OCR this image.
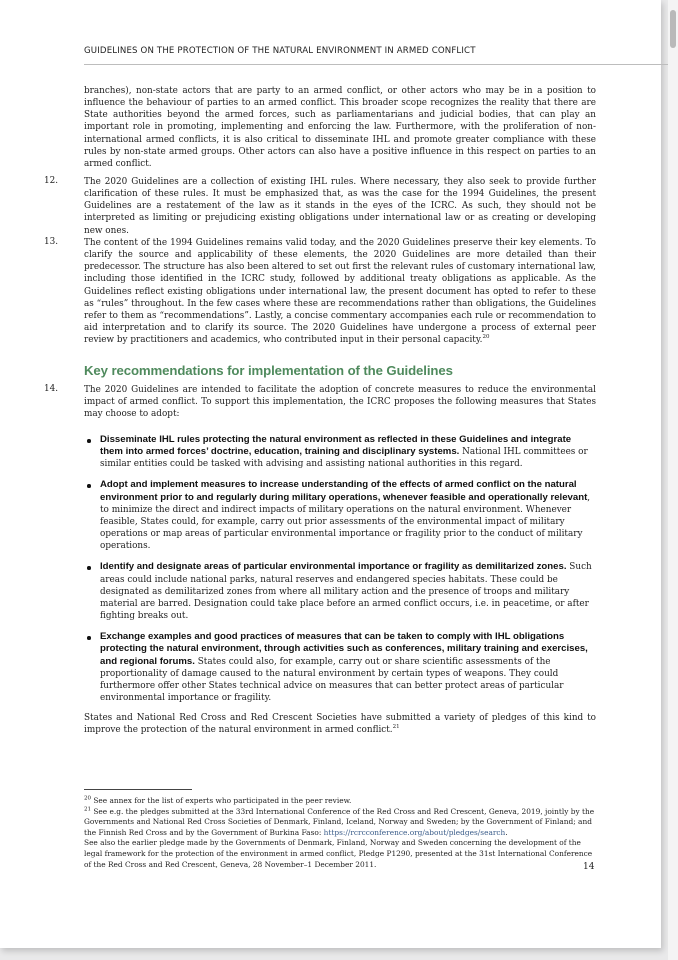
GUIDELINES ON THE PROTECTION OF THE NATURAL ENVIRONMENT IN ARMED CONFLICT
branches), non-state actors that are party to an armed conflict, or other actors who may be in a position to influence the behaviour of parties to an armed conflict. This broader scope recognizes the reality that there are State authorities beyond the armed forces, such as parliamentarians and judicial bodies, that can play an important role in promoting, implementing and enforcing the law. Furthermore, with the proliferation of non-international armed conflicts, it is also critical to disseminate IHL and promote greater compliance with these rules by non-state armed groups. Other actors can also have a positive influence in this respect on parties to an armed conflict.
12.	The 2020 Guidelines are a collection of existing IHL rules. Where necessary, they also seek to provide further clarification of these rules. It must be emphasized that, as was the case for the 1994 Guidelines, the present Guidelines are a restatement of the law as it stands in the eyes of the ICRC. As such, they should not be interpreted as limiting or prejudicing existing obligations under international law or as creating or developing new ones.
13.	The content of the 1994 Guidelines remains valid today, and the 2020 Guidelines preserve their key elements. To clarify the source and applicability of these elements, the 2020 Guidelines are more detailed than their predecessor. The structure has also been altered to set out first the relevant rules of customary international law, including those identified in the ICRC study, followed by additional treaty obligations as applicable. As the Guidelines reflect existing obligations under international law, the present document has opted to refer to these as “rules” throughout. In the few cases where these are recommendations rather than obligations, the Guidelines refer to them as “recommendations”. Lastly, a concise commentary accompanies each rule or recommendation to aid interpretation and to clarify its source. The 2020 Guidelines have undergone a process of external peer review by practitioners and academics, who contributed input in their personal capacity.$^{20}$
Key recommendations for implementation of the Guidelines
14.	The 2020 Guidelines are intended to facilitate the adoption of concrete measures to reduce the environmental impact of armed conflict. To support this implementation, the ICRC proposes the following measures that States may choose to adopt:
Disseminate IHL rules protecting the natural environment as reflected in these Guidelines and integrate them into armed forces’ doctrine, education, training and disciplinary systems. National IHL committees or similar entities could be tasked with advising and assisting national authorities in this regard.
Adopt and implement measures to increase understanding of the effects of armed conflict on the natural environment prior to and regularly during military operations, whenever feasible and operationally relevant, to minimize the direct and indirect impacts of military operations on the natural environment. Whenever feasible, States could, for example, carry out prior assessments of the environmental impact of military operations or map areas of particular environmental importance or fragility prior to the conduct of military operations.
Identify and designate areas of particular environmental importance or fragility as demilitarized zones. Such areas could include national parks, natural reserves and endangered species habitats. These could be designated as demilitarized zones from where all military action and the presence of troops and military material are barred. Designation could take place before an armed conflict occurs, i.e. in peacetime, or after fighting breaks out.
Exchange examples and good practices of measures that can be taken to comply with IHL obligations protecting the natural environment, through activities such as conferences, military training and exercises, and regional forums. States could also, for example, carry out or share scientific assessments of the proportionality of damage caused to the natural environment by certain types of weapons. They could furthermore offer other States technical advice on measures that can better protect areas of particular environmental importance or fragility.
States and National Red Cross and Red Crescent Societies have submitted a variety of pledges of this kind to improve the protection of the natural environment in armed conflict.$^{21}$

$^{20}$ See annex for the list of experts who participated in the peer review.

$^{21}$ See e.g. the pledges submitted at the 33rd International Conference of the Red Cross and Red Crescent, Geneva, 2019, jointly by the Governments and National Red Cross Societies of Denmark, Finland, Iceland, Norway and Sweden; by the Government of Finland; and the Finnish Red Cross and by the Government of Burkina Faso: https://rcrcconference.org/about/pledges/search.
See also the earlier pledge made by the Governments of Denmark, Finland, Norway and Sweden concerning the development of the legal framework for the protection of the environment in armed conflict, Pledge P1290, presented at the 31st International Conference of the Red Cross and Red Crescent, Geneva, 28 November–1 December 2011.	14
